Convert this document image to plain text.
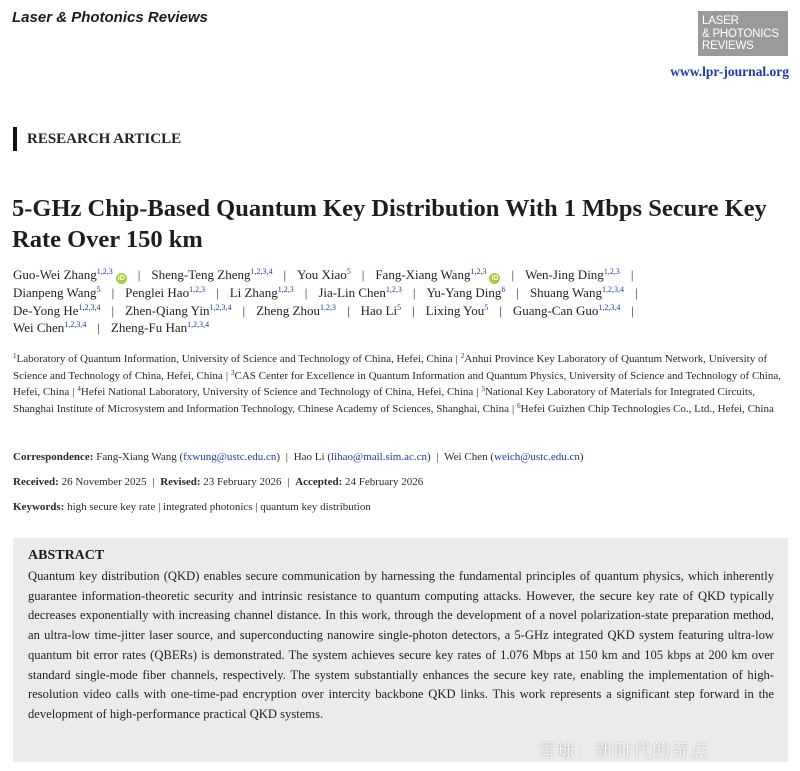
Laser & Photonics Reviews	LASER
& PHOTONICS
REVIEWS
www.lpr-journal.org
RESEARCH ARTICLE
5-GHz Chip-Based Quantum Key Distribution With 1 Mbps Secure Key Rate Over 150 km
Guo-Wei Zhang$^{1,2,3}$iD | Sheng-Teng Zheng$^{1,2,3,4}$ | You Xiao$^5$ | Fang-Xiang Wang$^{1,2,3}$iD | Wen-Jing Ding$^{1,2,3}$ |
Dianpeng Wang$^5$ | Penglei Hao$^{1,2,3}$ | Li Zhang$^{1,2,3}$ | Jia-Lin Chen$^{1,2,3}$ | Yu-Yang Ding$^6$ | Shuang Wang$^{1,2,3,4}$ |
De-Yong He$^{1,2,3,4}$ | Zhen-Qiang Yin$^{1,2,3,4}$ | Zheng Zhou$^{1,2,3}$ | Hao Li$^5$ | Lixing You$^5$ | Guang-Can Guo$^{1,2,3,4}$ |
Wei Chen$^{1,2,3,4}$ | Zheng-Fu Han$^{1,2,3,4}$
$^1$Laboratory of Quantum Information, University of Science and Technology of China, Hefei, China | $^2$Anhui Province Key Laboratory of Quantum Network, University of Science and Technology of China, Hefei, China | $^3$CAS Center for Excellence in Quantum Information and Quantum Physics, University of Science and Technology of China, Hefei, China | $^4$Hefei National Laboratory, University of Science and Technology of China, Hefei, China | $^5$National Key Laboratory of Materials for Integrated Circuits, Shanghai Institute of Microsystem and Information Technology, Chinese Academy of Sciences, Shanghai, China | $^6$Hefei Guizhen Chip Technologies Co., Ltd., Hefei, China
Correspondence: Fang-Xiang Wang (fxwung@ustc.edu.cn) | Hao Li (lihao@mail.sim.ac.cn) | Wei Chen (weich@ustc.edu.cn)
Received: 26 November 2025 | Revised: 23 February 2026 | Accepted: 24 February 2026
Keywords: high secure key rate | integrated photonics | quantum key distribution
ABSTRACT

Quantum key distribution (QKD) enables secure communication by harnessing the fundamental principles of quantum physics, which inherently guarantee information-theoretic security and intrinsic resistance to quantum computing attacks. However, the secure key rate of QKD typically decreases exponentially with increasing channel distance. In this work, through the development of a novel polarization-state preparation method, an ultra-low time-jitter laser source, and superconducting nanowire single-photon detectors, a 5-GHz integrated QKD system featuring ultra-low quantum bit error rates (QBERs) is demonstrated. The system achieves secure key rates of 1.076 Mbps at 150 km and 105 kbps at 200 km over standard single-mode fiber channels, respectively. The system substantially enhances the secure key rate, enabling the implementation of high-resolution video calls with one-time-pad encryption over intercity backbone QKD links. This work represents a significant step forward in the development of high-performance practical QKD systems.

雪球：新时代的奇点
